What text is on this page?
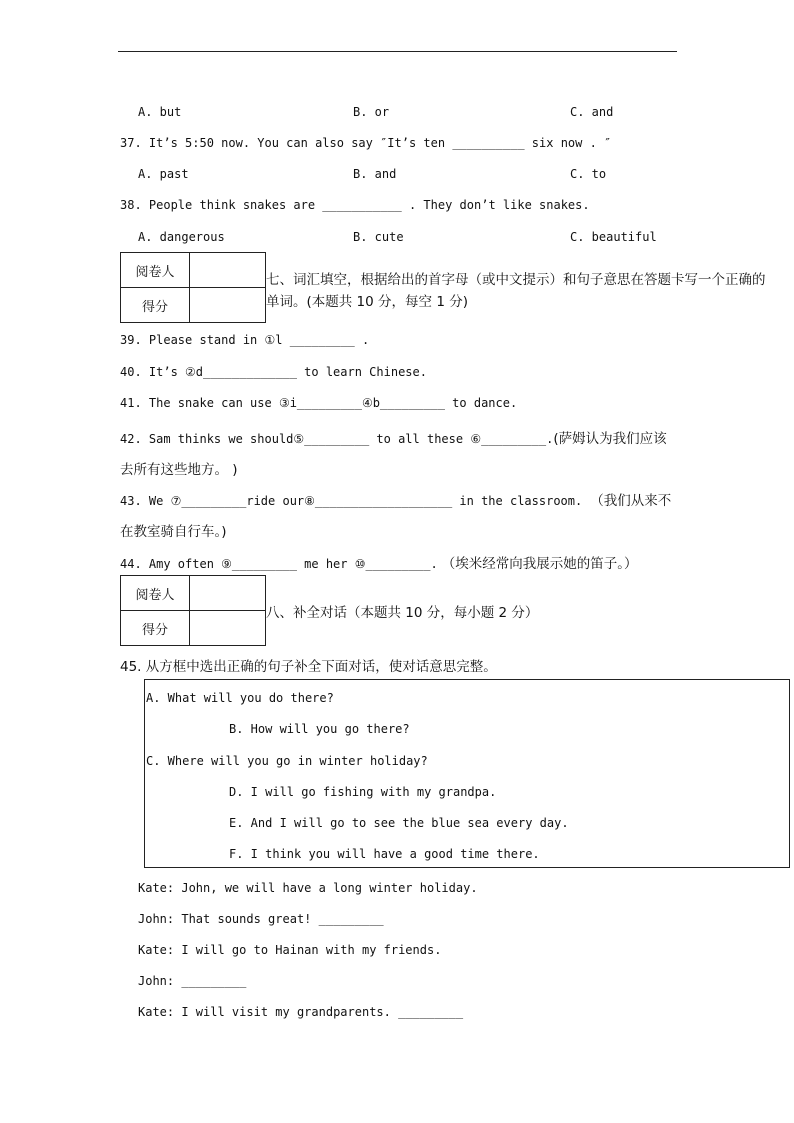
A. but	B. or	C. and
37. It’s 5:50 now. You can also say ″It’s ten __________ six now . ″
A. past	B. and	C. to
38. People think snakes are ___________ . They don’t like snakes.
A. dangerous	B. cute	C. beautiful
阅卷人	
得分	
七、词汇填空，根据给出的首字母（或中文提示）和句子意思在答题卡写一个正确的
单词。(本题共 10 分，每空 1 分)
39. Please stand in ①l _________ .
40. It’s ②d_____________ to learn Chinese.
41. The snake can use ③i_________④b_________ to dance.
42. Sam thinks we should⑤_________ to all these ⑥_________.(萨姆认为我们应该
去所有这些地方。 )
43. We ⑦_________ride our⑧___________________ in the classroom. （我们从来不
在教室骑自行车。)
44. Amy often ⑨_________ me her ⑩_________. （埃米经常向我展示她的笛子。）
阅卷人	
得分	
八、补全对话（本题共 10 分，每小题 2 分）
45. 从方框中选出正确的句子补全下面对话，使对话意思完整。
A. What will you do there?
B. How will you go there?
C. Where will you go in winter holiday?
D. I will go fishing with my grandpa.
E. And I will go to see the blue sea every day.
F. I think you will have a good time there.
Kate: John, we will have a long winter holiday.
John: That sounds great! _________
Kate: I will go to Hainan with my friends.
John: _________
Kate: I will visit my grandparents. _________
